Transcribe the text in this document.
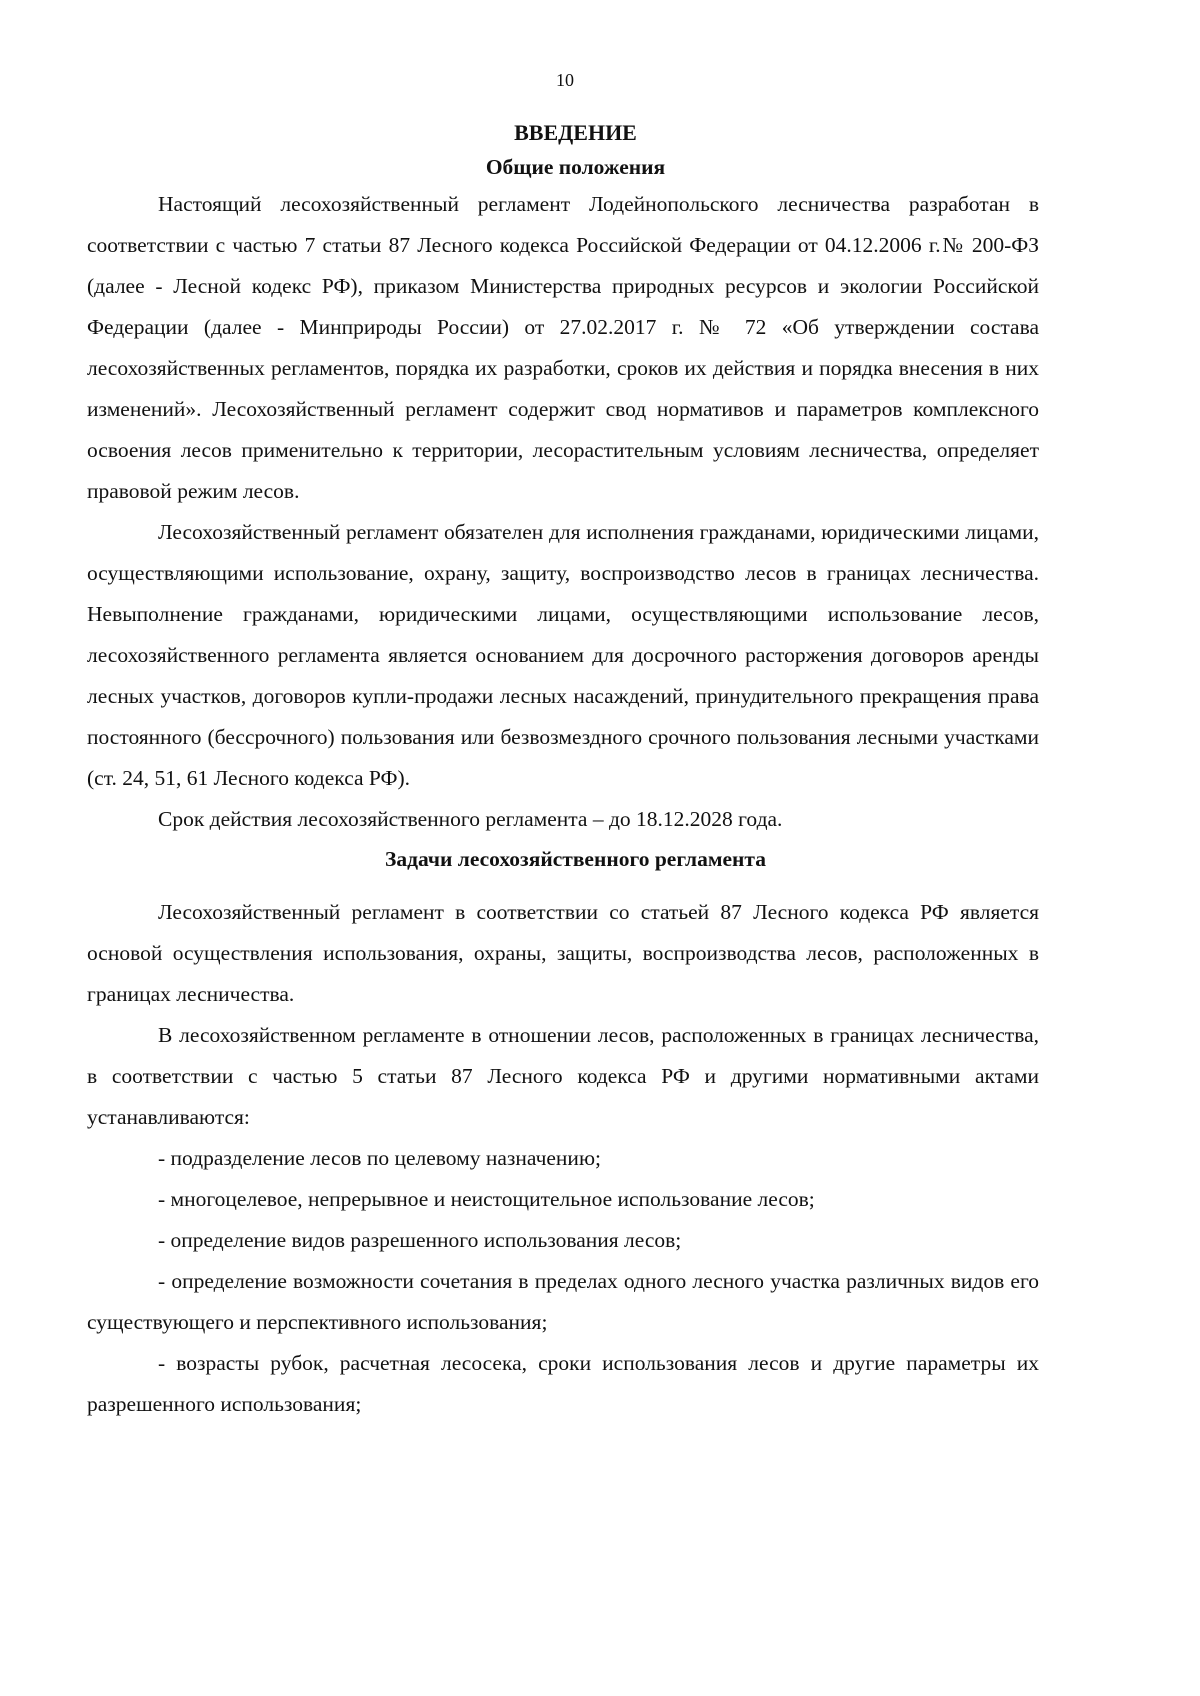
10
ВВЕДЕНИЕ
Общие положения

Настоящий лесохозяйственный регламент Лодейнопольского лесничества разработан в соответствии с частью 7 статьи 87 Лесного кодекса Российской Федерации от 04.12.2006 г.№ 200-ФЗ (далее - Лесной кодекс РФ), приказом Министерства природных ресурсов и экологии Российской Федерации (далее - Минприроды России) от 27.02.2017 г. № 72 «Об утверждении состава лесохозяйственных регламентов, порядка их разработки, сроков их действия и порядка внесения в них изменений». Лесохозяйственный регламент содержит свод нормативов и параметров комплексного освоения лесов применительно к территории, лесорастительным условиям лесничества, определяет правовой режим лесов.

Лесохозяйственный регламент обязателен для исполнения гражданами, юридическими лицами, осуществляющими использование, охрану, защиту, воспроизводство лесов в границах лесничества. Невыполнение гражданами, юридическими лицами, осуществляющими использование лесов, лесохозяйственного регламента является основанием для досрочного расторжения договоров аренды лесных участков, договоров купли-продажи лесных насаждений, принудительного прекращения права постоянного (бессрочного) пользования или безвозмездного срочного пользования лесными участками (ст. 24, 51, 61 Лесного кодекса РФ).

Срок действия лесохозяйственного регламента – до 18.12.2028 года.

Задачи лесохозяйственного регламента

Лесохозяйственный регламент в соответствии со статьей 87 Лесного кодекса РФ является основой осуществления использования, охраны, защиты, воспроизводства лесов, расположенных в границах лесничества.

В лесохозяйственном регламенте в отношении лесов, расположенных в границах лесничества, в соответствии с частью 5 статьи 87 Лесного кодекса РФ и другими нормативными актами устанавливаются:

- подразделение лесов по целевому назначению;

- многоцелевое, непрерывное и неистощительное использование лесов;

- определение видов разрешенного использования лесов;

- определение возможности сочетания в пределах одного лесного участка различных видов его существующего и перспективного использования;

- возрасты рубок, расчетная лесосека, сроки использования лесов и другие параметры их разрешенного использования;
